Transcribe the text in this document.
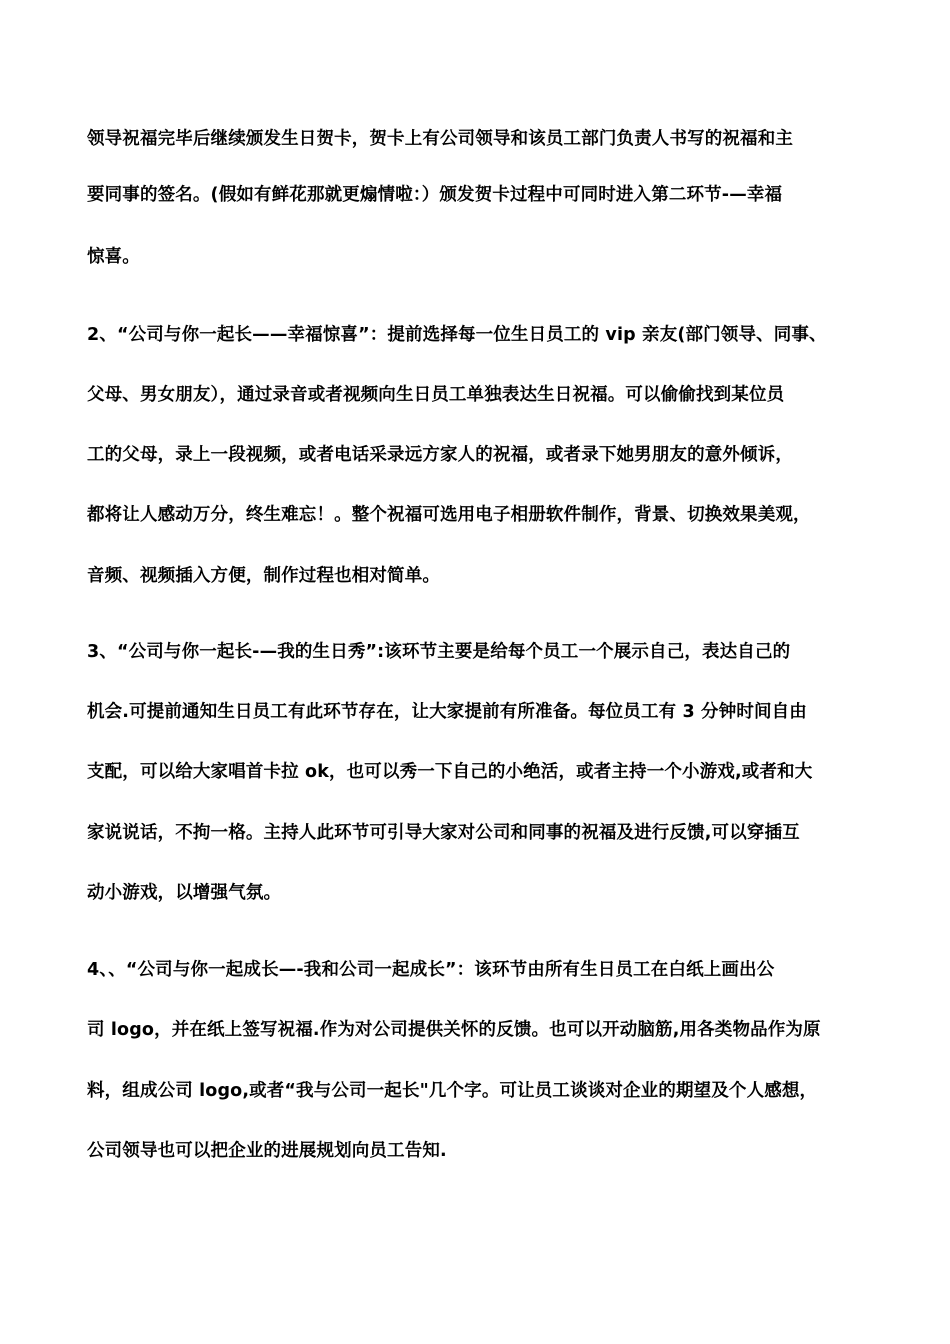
领导祝福完毕后继续颁发生日贺卡，贺卡上有公司领导和该员工部门负责人书写的祝福和主
要同事的签名。(假如有鲜花那就更煽情啦：）颁发贺卡过程中可同时进入第二环节-—幸福
惊喜。
2、“公司与你一起长——幸福惊喜”：提前选择每一位生日员工的 vip 亲友(部门领导、同事、
父母、男女朋友），通过录音或者视频向生日员工单独表达生日祝福。可以偷偷找到某位员
工的父母，录上一段视频，或者电话采录远方家人的祝福，或者录下她男朋友的意外倾诉，
都将让人感动万分，终生难忘！。整个祝福可选用电子相册软件制作，背景、切换效果美观，
音频、视频插入方便，制作过程也相对简单。
3、“公司与你一起长-—我的生日秀”:该环节主要是给每个员工一个展示自己，表达自己的
机会.可提前通知生日员工有此环节存在，让大家提前有所准备。每位员工有 3 分钟时间自由
支配，可以给大家唱首卡拉 ok，也可以秀一下自己的小绝活，或者主持一个小游戏,或者和大
家说说话，不拘一格。主持人此环节可引导大家对公司和同事的祝福及进行反馈,可以穿插互
动小游戏，以增强气氛。
4、、“公司与你一起成长—-我和公司一起成长”：该环节由所有生日员工在白纸上画出公
司 logo，并在纸上签写祝福.作为对公司提供关怀的反馈。也可以开动脑筋,用各类物品作为原
料，组成公司 logo,或者“我与公司一起长"几个字。可让员工谈谈对企业的期望及个人感想，
公司领导也可以把企业的进展规划向员工告知.
